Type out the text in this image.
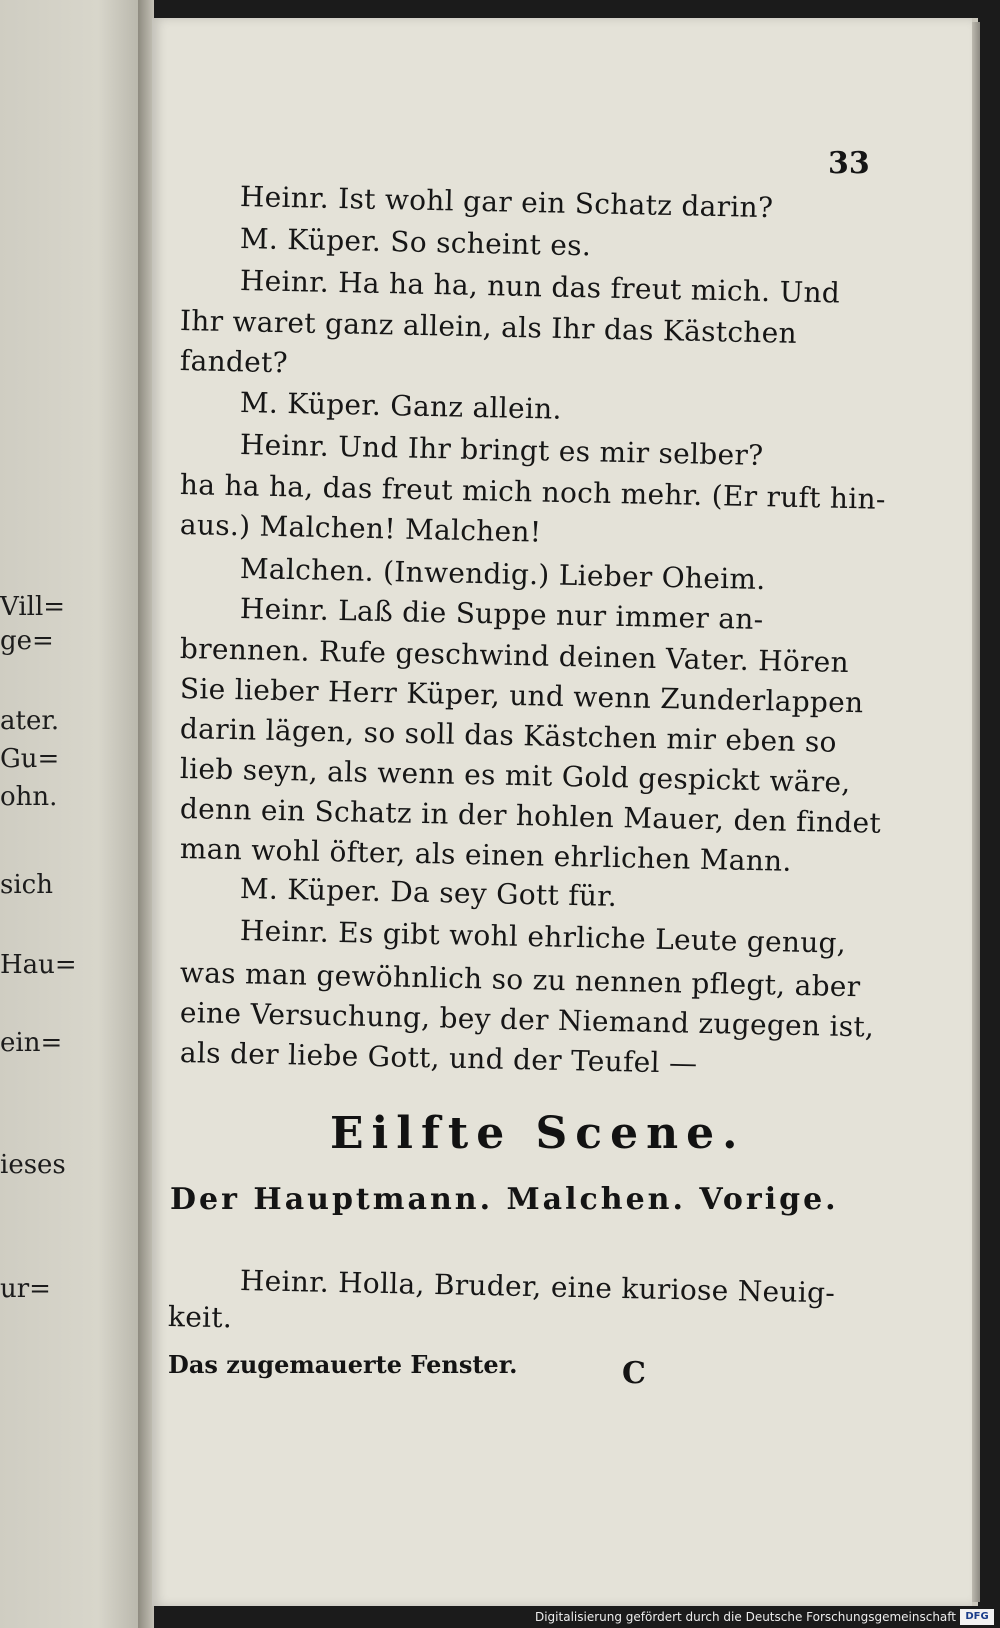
Vill=
ge=
ater.
Gu=
ohn.
sich
Hau=
ein=
ieses
ur=
33
Heinr. Ist wohl gar ein Schatz darin?
M. Küper. So scheint es.
Heinr. Ha ha ha, nun das freut mich. Und
Ihr waret ganz allein, als Ihr das Kästchen
fandet?
M. Küper. Ganz allein.
Heinr. Und Ihr bringt es mir selber?
ha ha ha, das freut mich noch mehr. (Er ruft hin-
aus.) Malchen! Malchen!
Malchen. (Inwendig.) Lieber Oheim.
Heinr. Laß die Suppe nur immer an-
brennen. Rufe geschwind deinen Vater. Hören
Sie lieber Herr Küper, und wenn Zunderlappen
darin lägen, so soll das Kästchen mir eben so
lieb seyn, als wenn es mit Gold gespickt wäre,
denn ein Schatz in der hohlen Mauer, den findet
man wohl öfter, als einen ehrlichen Mann.
M. Küper. Da sey Gott für.
Heinr. Es gibt wohl ehrliche Leute genug,
was man gewöhnlich so zu nennen pflegt, aber
eine Versuchung, bey der Niemand zugegen ist,
als der liebe Gott, und der Teufel —
Eilfte Scene.
Der Hauptmann. Malchen. Vorige.
Heinr. Holla, Bruder, eine kuriose Neuig-
keit.
Das zugemauerte Fenster.	C
Digitalisierung gefördert durch die Deutsche Forschungsgemeinschaft DFG
